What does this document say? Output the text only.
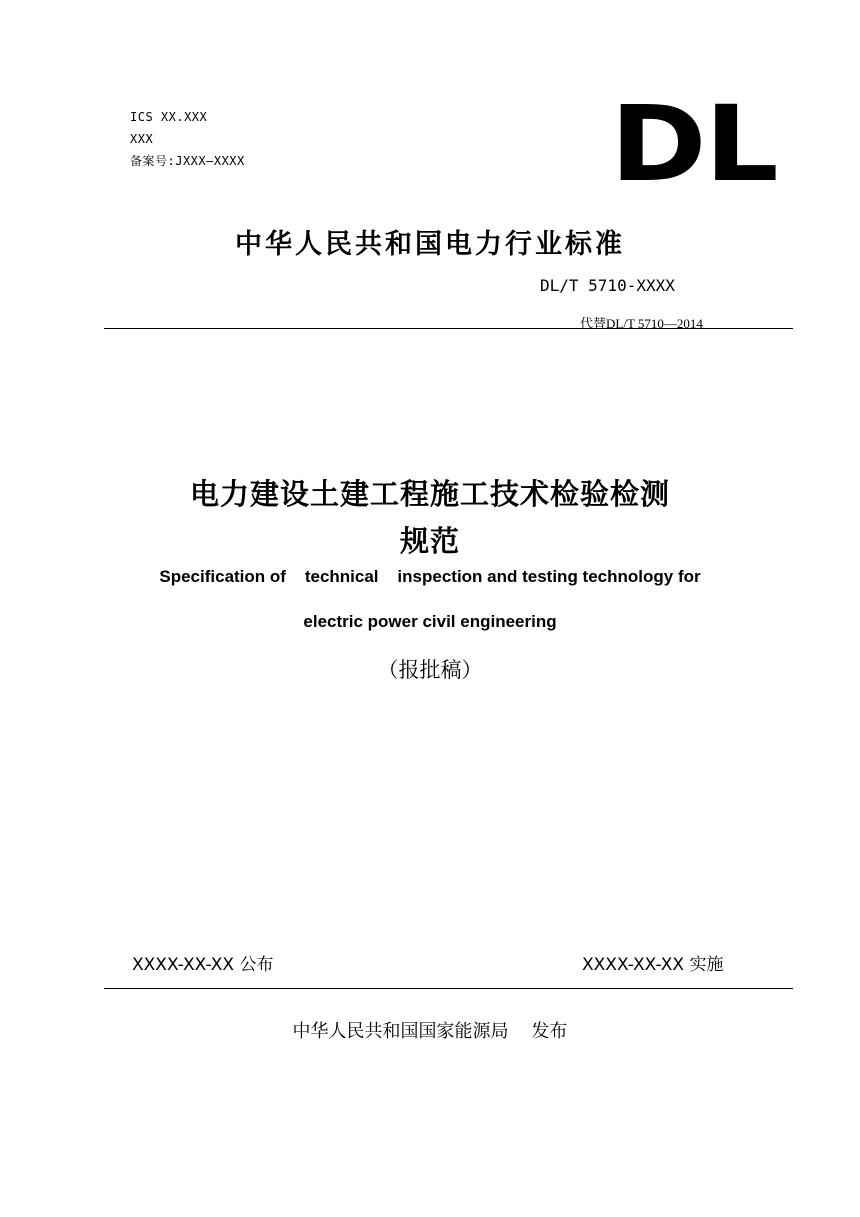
ICS XX.XXX
XXX
备案号:JXXX—XXXX	DL
中华人民共和国电力行业标准
DL/T 5710-XXXX
代替DL/T 5710—2014
电力建设土建工程施工技术检验检测
规范
Specification of    technical    inspection and testing technology for
electric power civil engineering
（报批稿）
XXXX-XX-XX 公布	XXXX-XX-XX 实施
中华人民共和国国家能源局    发布
